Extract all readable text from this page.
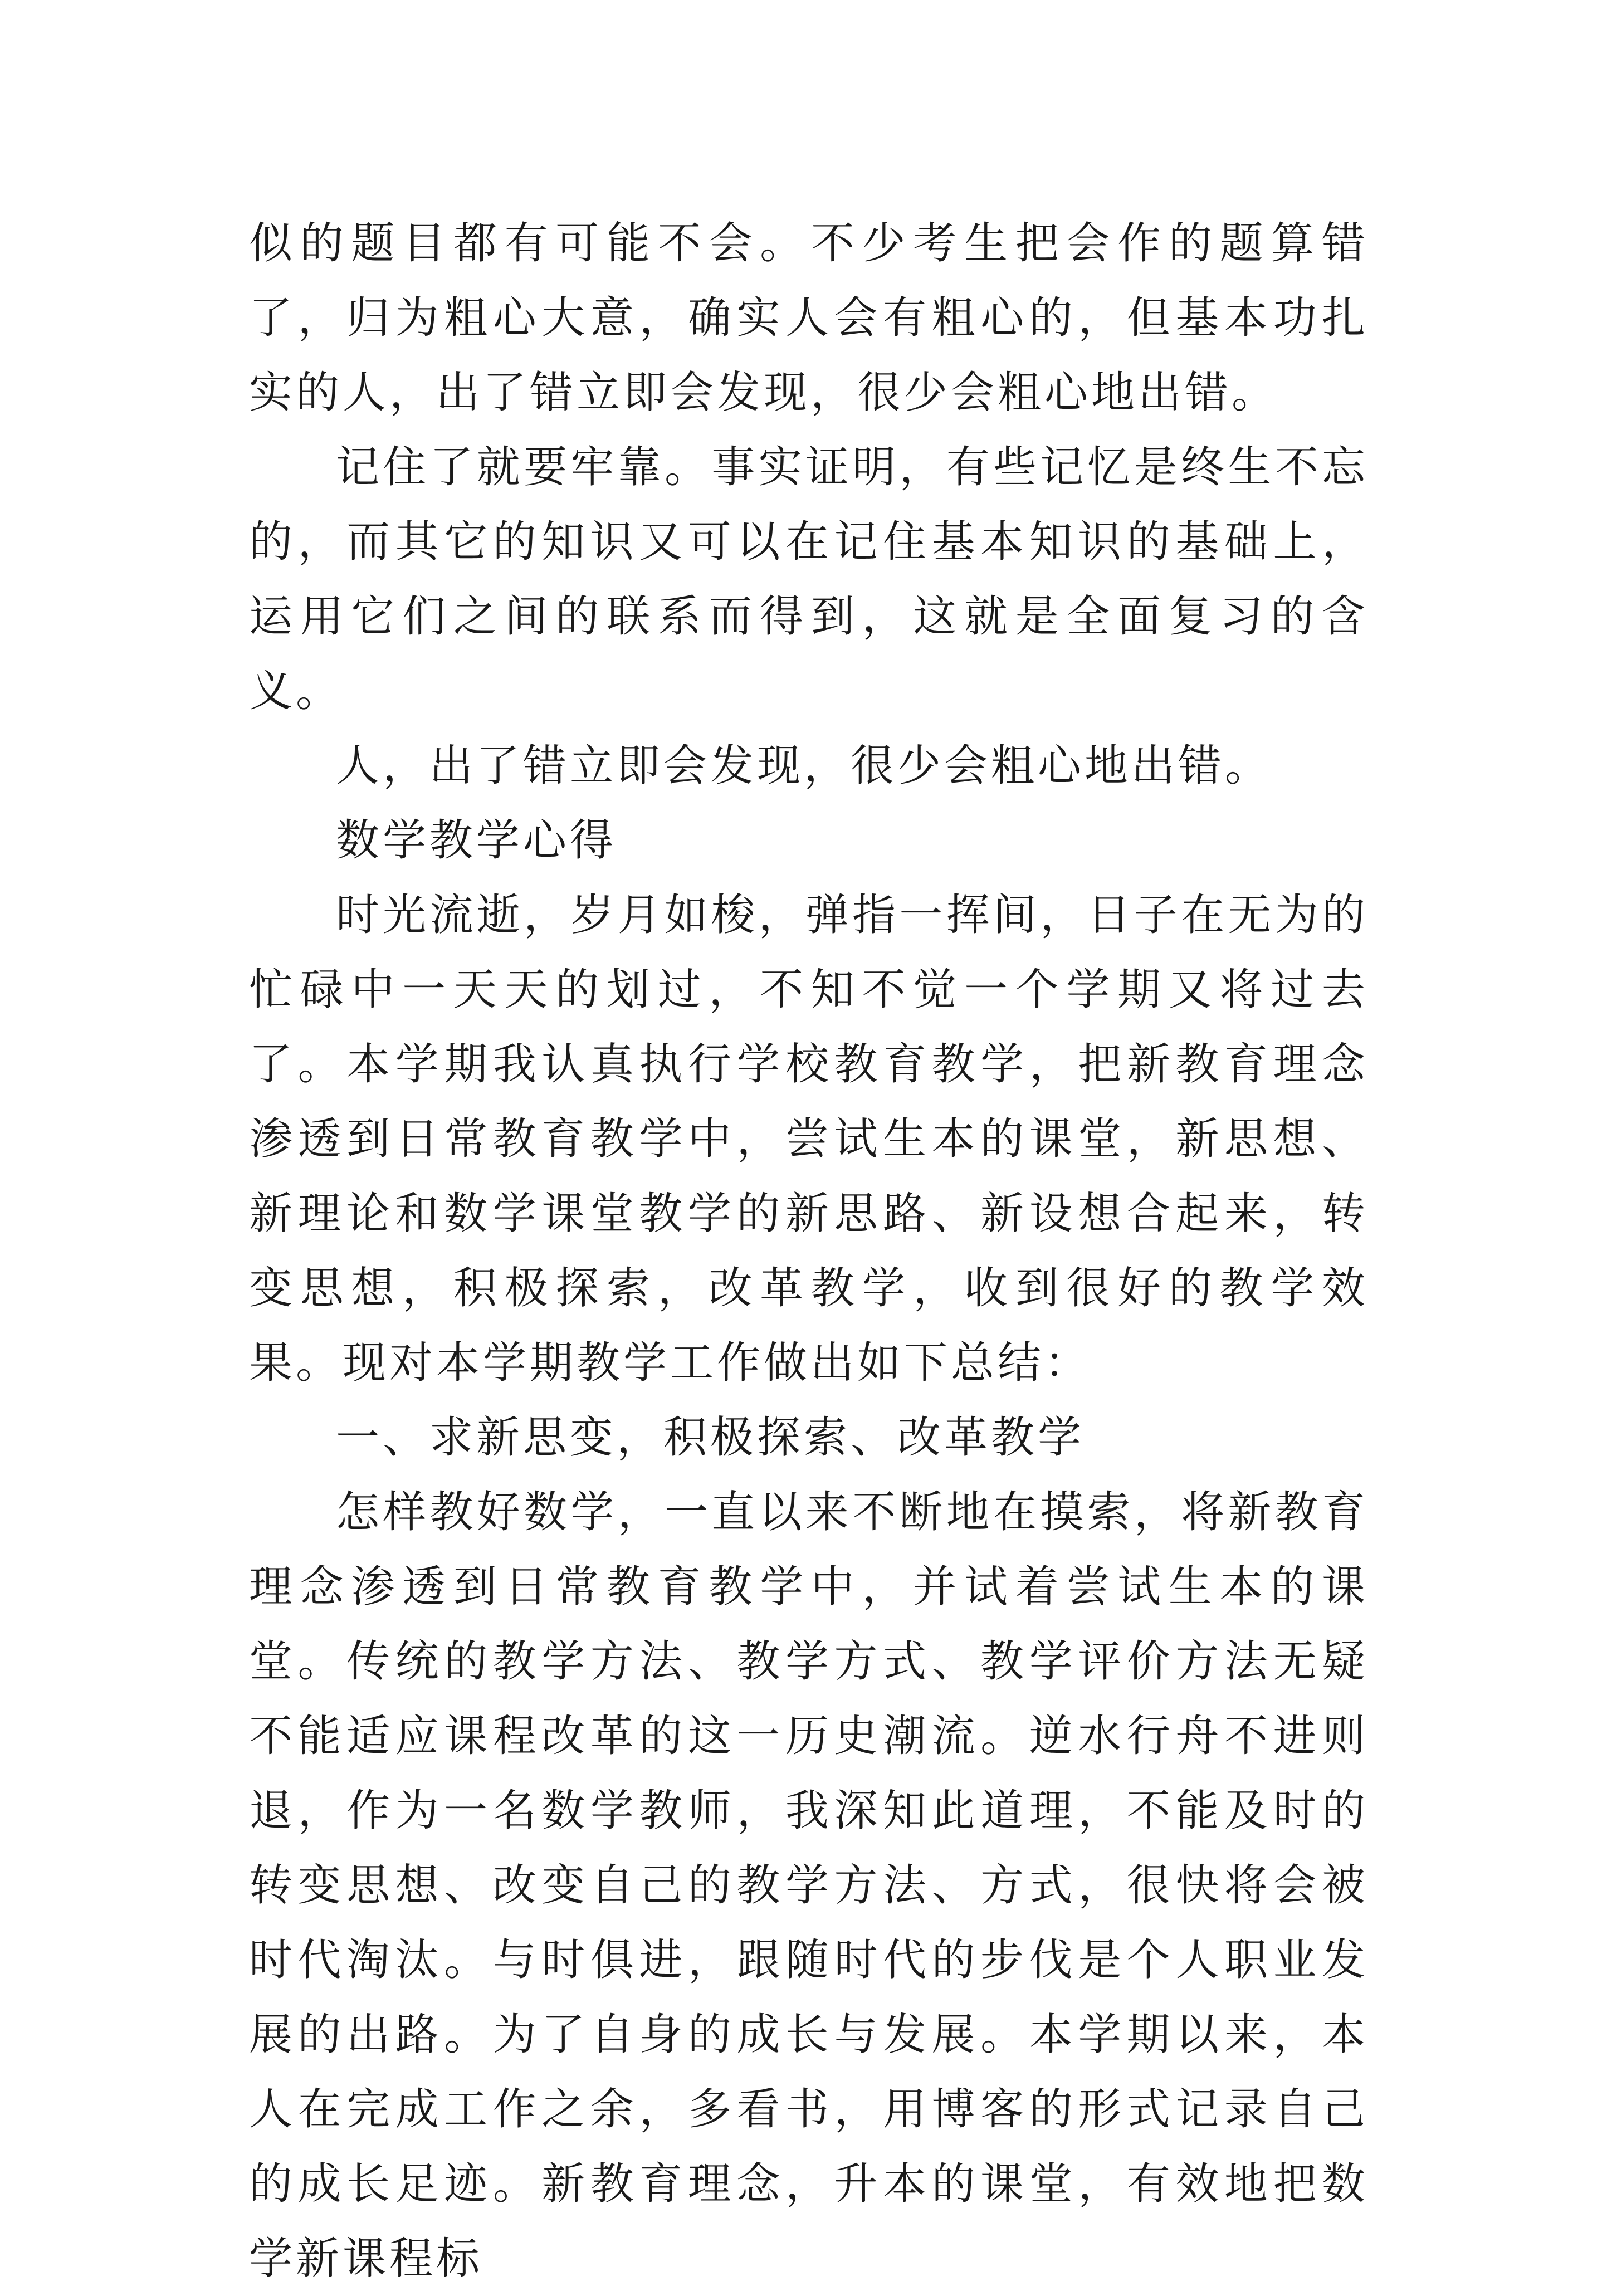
似的题目都有可能不会。不少考生把会作的题算错了，归为粗心大意，确实人会有粗心的，但基本功扎实的人，出了错立即会发现，很少会粗心地出错。

记住了就要牢靠。事实证明，有些记忆是终生不忘的，而其它的知识又可以在记住基本知识的基础上，运用它们之间的联系而得到，这就是全面复习的含义。

人，出了错立即会发现，很少会粗心地出错。

数学教学心得

时光流逝，岁月如梭，弹指一挥间，日子在无为的忙碌中一天天的划过，不知不觉一个学期又将过去了。本学期我认真执行学校教育教学，把新教育理念渗透到日常教育教学中，尝试生本的课堂，新思想、新理论和数学课堂教学的新思路、新设想合起来，转变思想，积极探索，改革教学，收到很好的教学效果。现对本学期教学工作做出如下总结：

一、求新思变，积极探索、改革教学

怎样教好数学，一直以来不断地在摸索，将新教育理念渗透到日常教育教学中，并试着尝试生本的课堂。传统的教学方法、教学方式、教学评价方法无疑不能适应课程改革的这一历史潮流。逆水行舟不进则退，作为一名数学教师，我深知此道理，不能及时的转变思想、改变自己的教学方法、方式，很快将会被时代淘汰。与时俱进，跟随时代的步伐是个人职业发展的出路。为了自身的成长与发展。本学期以来，本人在完成工作之余，多看书，用博客的形式记录自己的成长足迹。新教育理念，升本的课堂，有效地把数学新课程标
